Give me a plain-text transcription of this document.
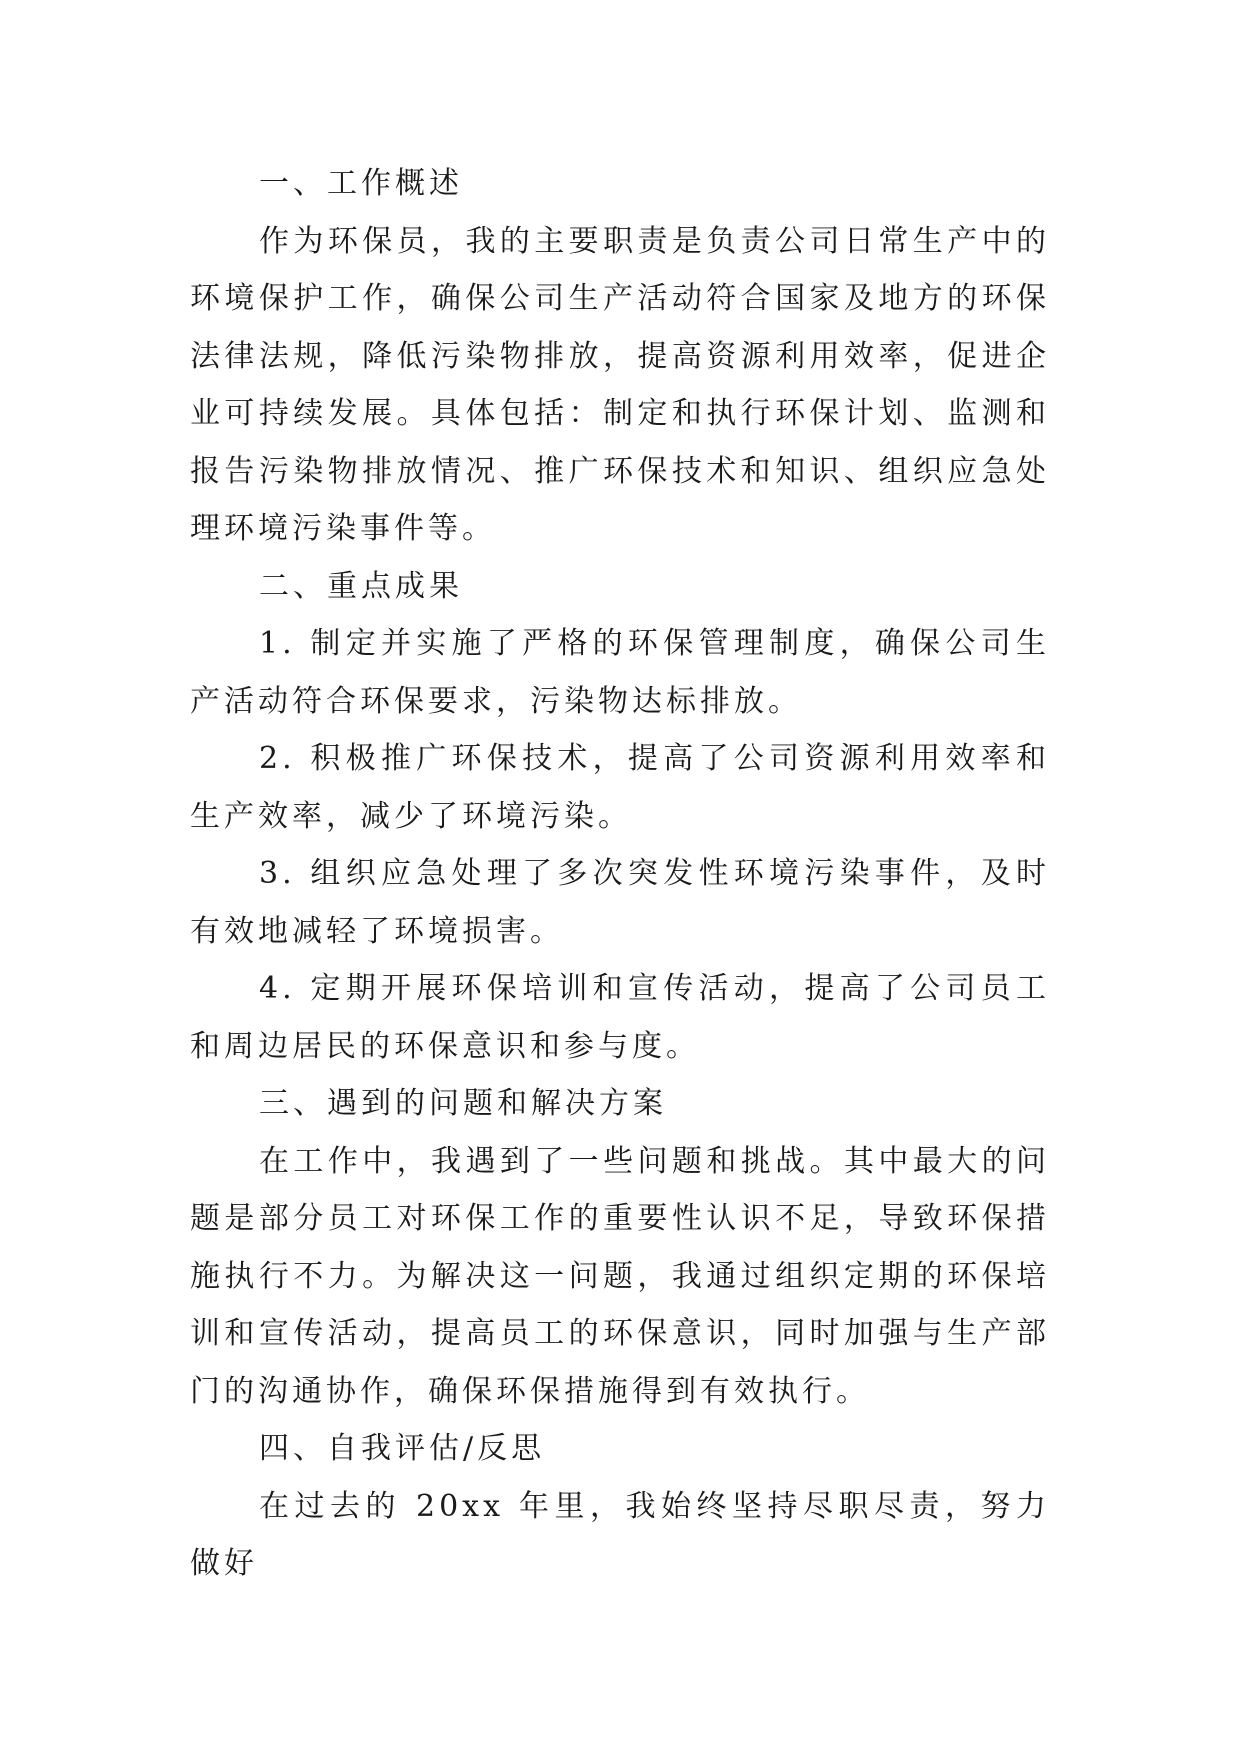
一、工作概述

作为环保员，我的主要职责是负责公司日常生产中的环境保护工作，确保公司生产活动符合国家及地方的环保法律法规，降低污染物排放，提高资源利用效率，促进企业可持续发展。具体包括：制定和执行环保计划、监测和报告污染物排放情况、推广环保技术和知识、组织应急处理环境污染事件等。

二、重点成果

1. 制定并实施了严格的环保管理制度，确保公司生产活动符合环保要求，污染物达标排放。

2. 积极推广环保技术，提高了公司资源利用效率和生产效率，减少了环境污染。

3. 组织应急处理了多次突发性环境污染事件，及时有效地减轻了环境损害。

4. 定期开展环保培训和宣传活动，提高了公司员工和周边居民的环保意识和参与度。

三、遇到的问题和解决方案

在工作中，我遇到了一些问题和挑战。其中最大的问题是部分员工对环保工作的重要性认识不足，导致环保措施执行不力。为解决这一问题，我通过组织定期的环保培训和宣传活动，提高员工的环保意识，同时加强与生产部门的沟通协作，确保环保措施得到有效执行。

四、自我评估/反思

在过去的 20xx 年里，我始终坚持尽职尽责，努力做好
